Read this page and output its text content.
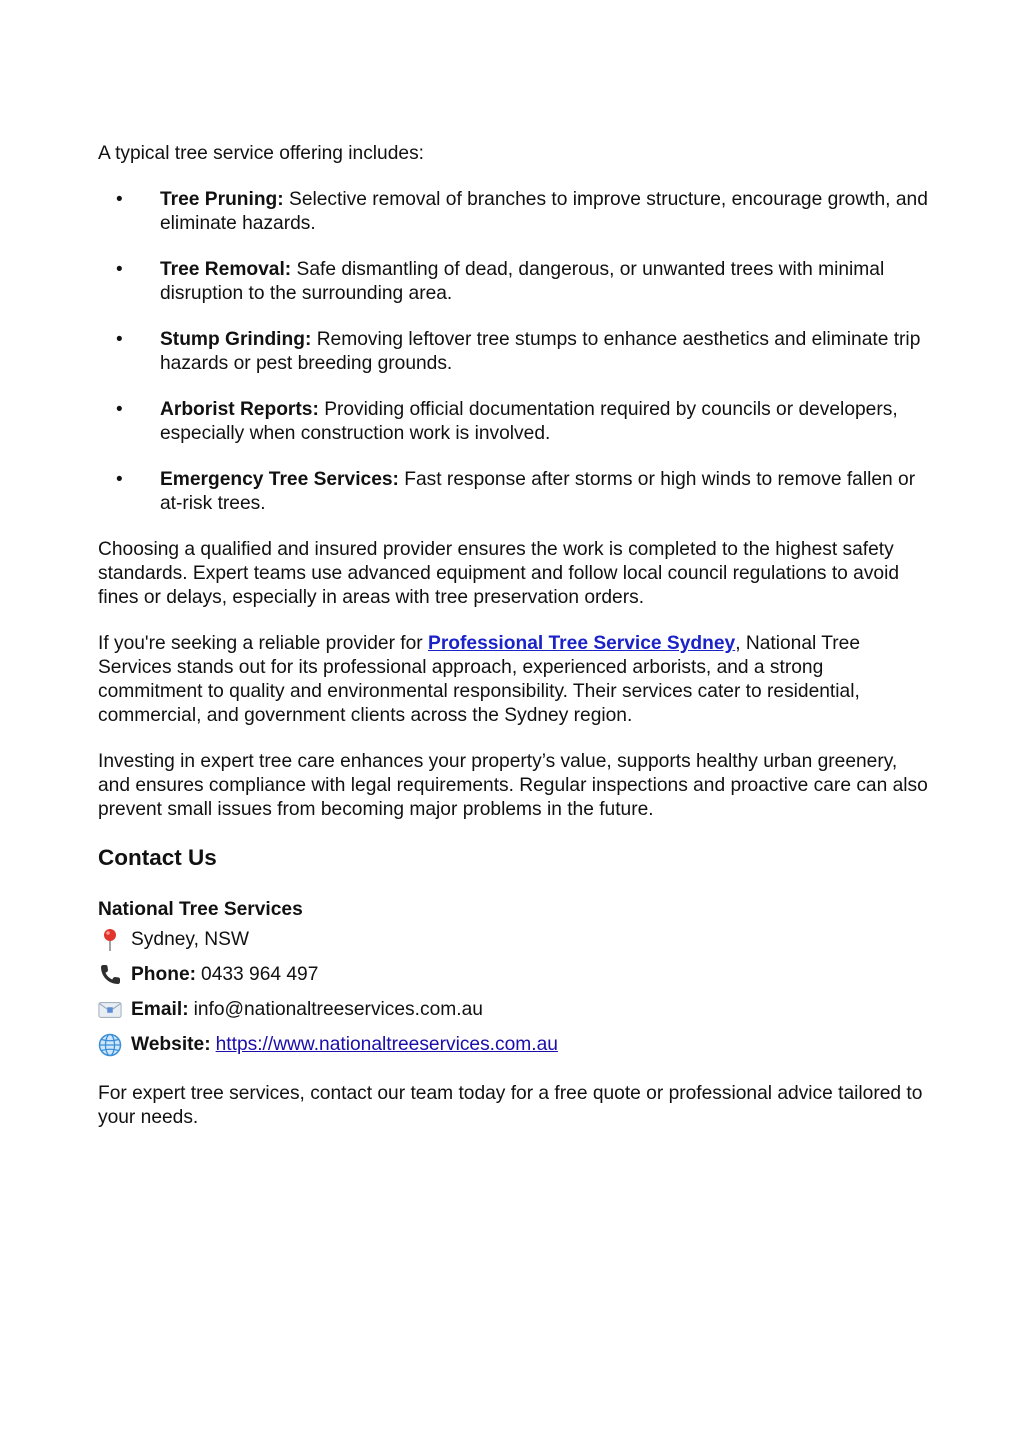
A typical tree service offering includes:

• Tree Pruning: Selective removal of branches to improve structure, encourage growth, and eliminate hazards.
• Tree Removal: Safe dismantling of dead, dangerous, or unwanted trees with minimal disruption to the surrounding area.
• Stump Grinding: Removing leftover tree stumps to enhance aesthetics and eliminate trip hazards or pest breeding grounds.
• Arborist Reports: Providing official documentation required by councils or developers, especially when construction work is involved.
• Emergency Tree Services: Fast response after storms or high winds to remove fallen or at-risk trees.

Choosing a qualified and insured provider ensures the work is completed to the highest safety standards. Expert teams use advanced equipment and follow local council regulations to avoid fines or delays, especially in areas with tree preservation orders.

If you're seeking a reliable provider for Professional Tree Service Sydney, National Tree Services stands out for its professional approach, experienced arborists, and a strong commitment to quality and environmental responsibility. Their services cater to residential, commercial, and government clients across the Sydney region.

Investing in expert tree care enhances your property’s value, supports healthy urban greenery, and ensures compliance with legal requirements. Regular inspections and proactive care can also prevent small issues from becoming major problems in the future.

Contact Us
National Tree Services
Sydney, NSW
Phone: 0433 964 497
Email: info@nationaltreeservices.com.au
Website: https://www.nationaltreeservices.com.au

For expert tree services, contact our team today for a free quote or professional advice tailored to your needs.
